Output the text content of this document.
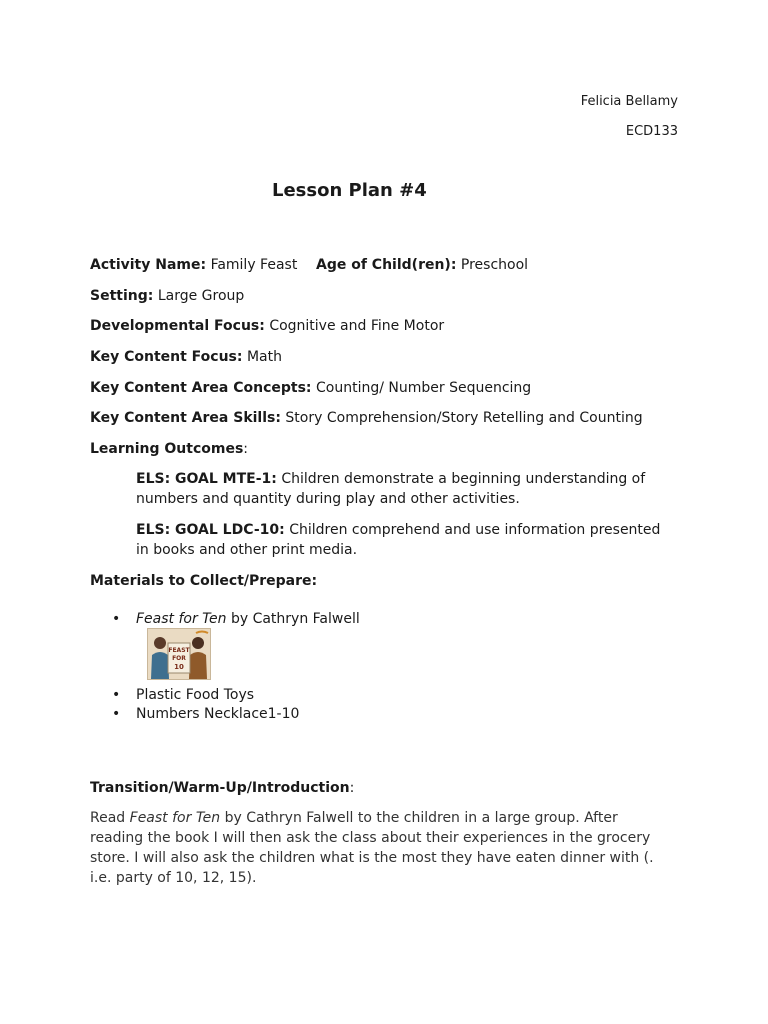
Felicia Bellamy
ECD133
Lesson Plan #4
Activity Name: Family Feast Age of Child(ren): Preschool
Setting: Large Group
Developmental Focus: Cognitive and Fine Motor
Key Content Focus: Math
Key Content Area Concepts: Counting/ Number Sequencing
Key Content Area Skills: Story Comprehension/Story Retelling and Counting
Learning Outcomes:
ELS: GOAL MTE-1: Children demonstrate a beginning understanding of
numbers and quantity during play and other activities.
ELS: GOAL LDC-10: Children comprehend and use information presented
in books and other print media.
Materials to Collect/Prepare:
• Feast for Ten by Cathryn Falwell
FEAST
FOR
10
• Plastic Food Toys
• Numbers Necklace1-10
Transition/Warm-Up/Introduction:
Read Feast for Ten by Cathryn Falwell to the children in a large group. After
reading the book I will then ask the class about their experiences in the grocery
store. I will also ask the children what is the most they have eaten dinner with (.
i.e. party of 10, 12, 15).
